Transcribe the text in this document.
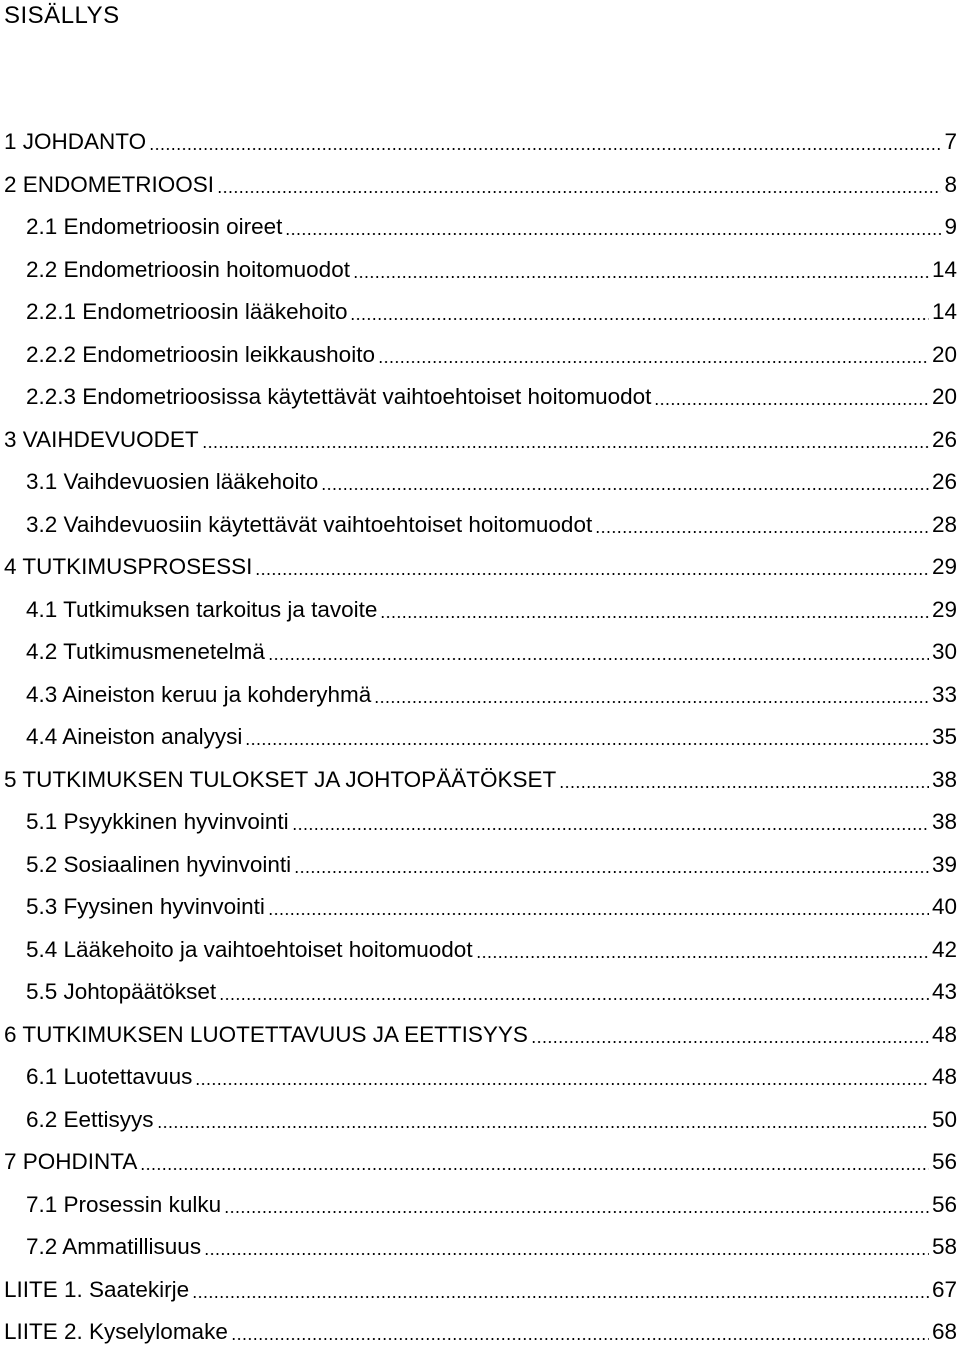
SISÄLLYS
1 JOHDANTO	7
2 ENDOMETRIOOSI	8
2.1 Endometrioosin oireet	9
2.2 Endometrioosin hoitomuodot	14
2.2.1 Endometrioosin lääkehoito	14
2.2.2 Endometrioosin leikkaushoito	20
2.2.3 Endometrioosissa käytettävät vaihtoehtoiset hoitomuodot	20
3 VAIHDEVUODET	26
3.1 Vaihdevuosien lääkehoito	26
3.2 Vaihdevuosiin käytettävät vaihtoehtoiset hoitomuodot	28
4 TUTKIMUSPROSESSI	29
4.1 Tutkimuksen tarkoitus ja tavoite	29
4.2 Tutkimusmenetelmä	30
4.3 Aineiston keruu ja kohderyhmä	33
4.4 Aineiston analyysi	35
5 TUTKIMUKSEN TULOKSET JA JOHTOPÄÄTÖKSET	38
5.1 Psyykkinen hyvinvointi	38
5.2 Sosiaalinen hyvinvointi	39
5.3 Fyysinen hyvinvointi	40
5.4 Lääkehoito ja vaihtoehtoiset hoitomuodot	42
5.5 Johtopäätökset	43
6 TUTKIMUKSEN LUOTETTAVUUS JA EETTISYYS	48
6.1 Luotettavuus	48
6.2 Eettisyys	50
7 POHDINTA	56
7.1 Prosessin kulku	56
7.2 Ammatillisuus	58
LIITE 1. Saatekirje	67
LIITE 2. Kyselylomake	68
